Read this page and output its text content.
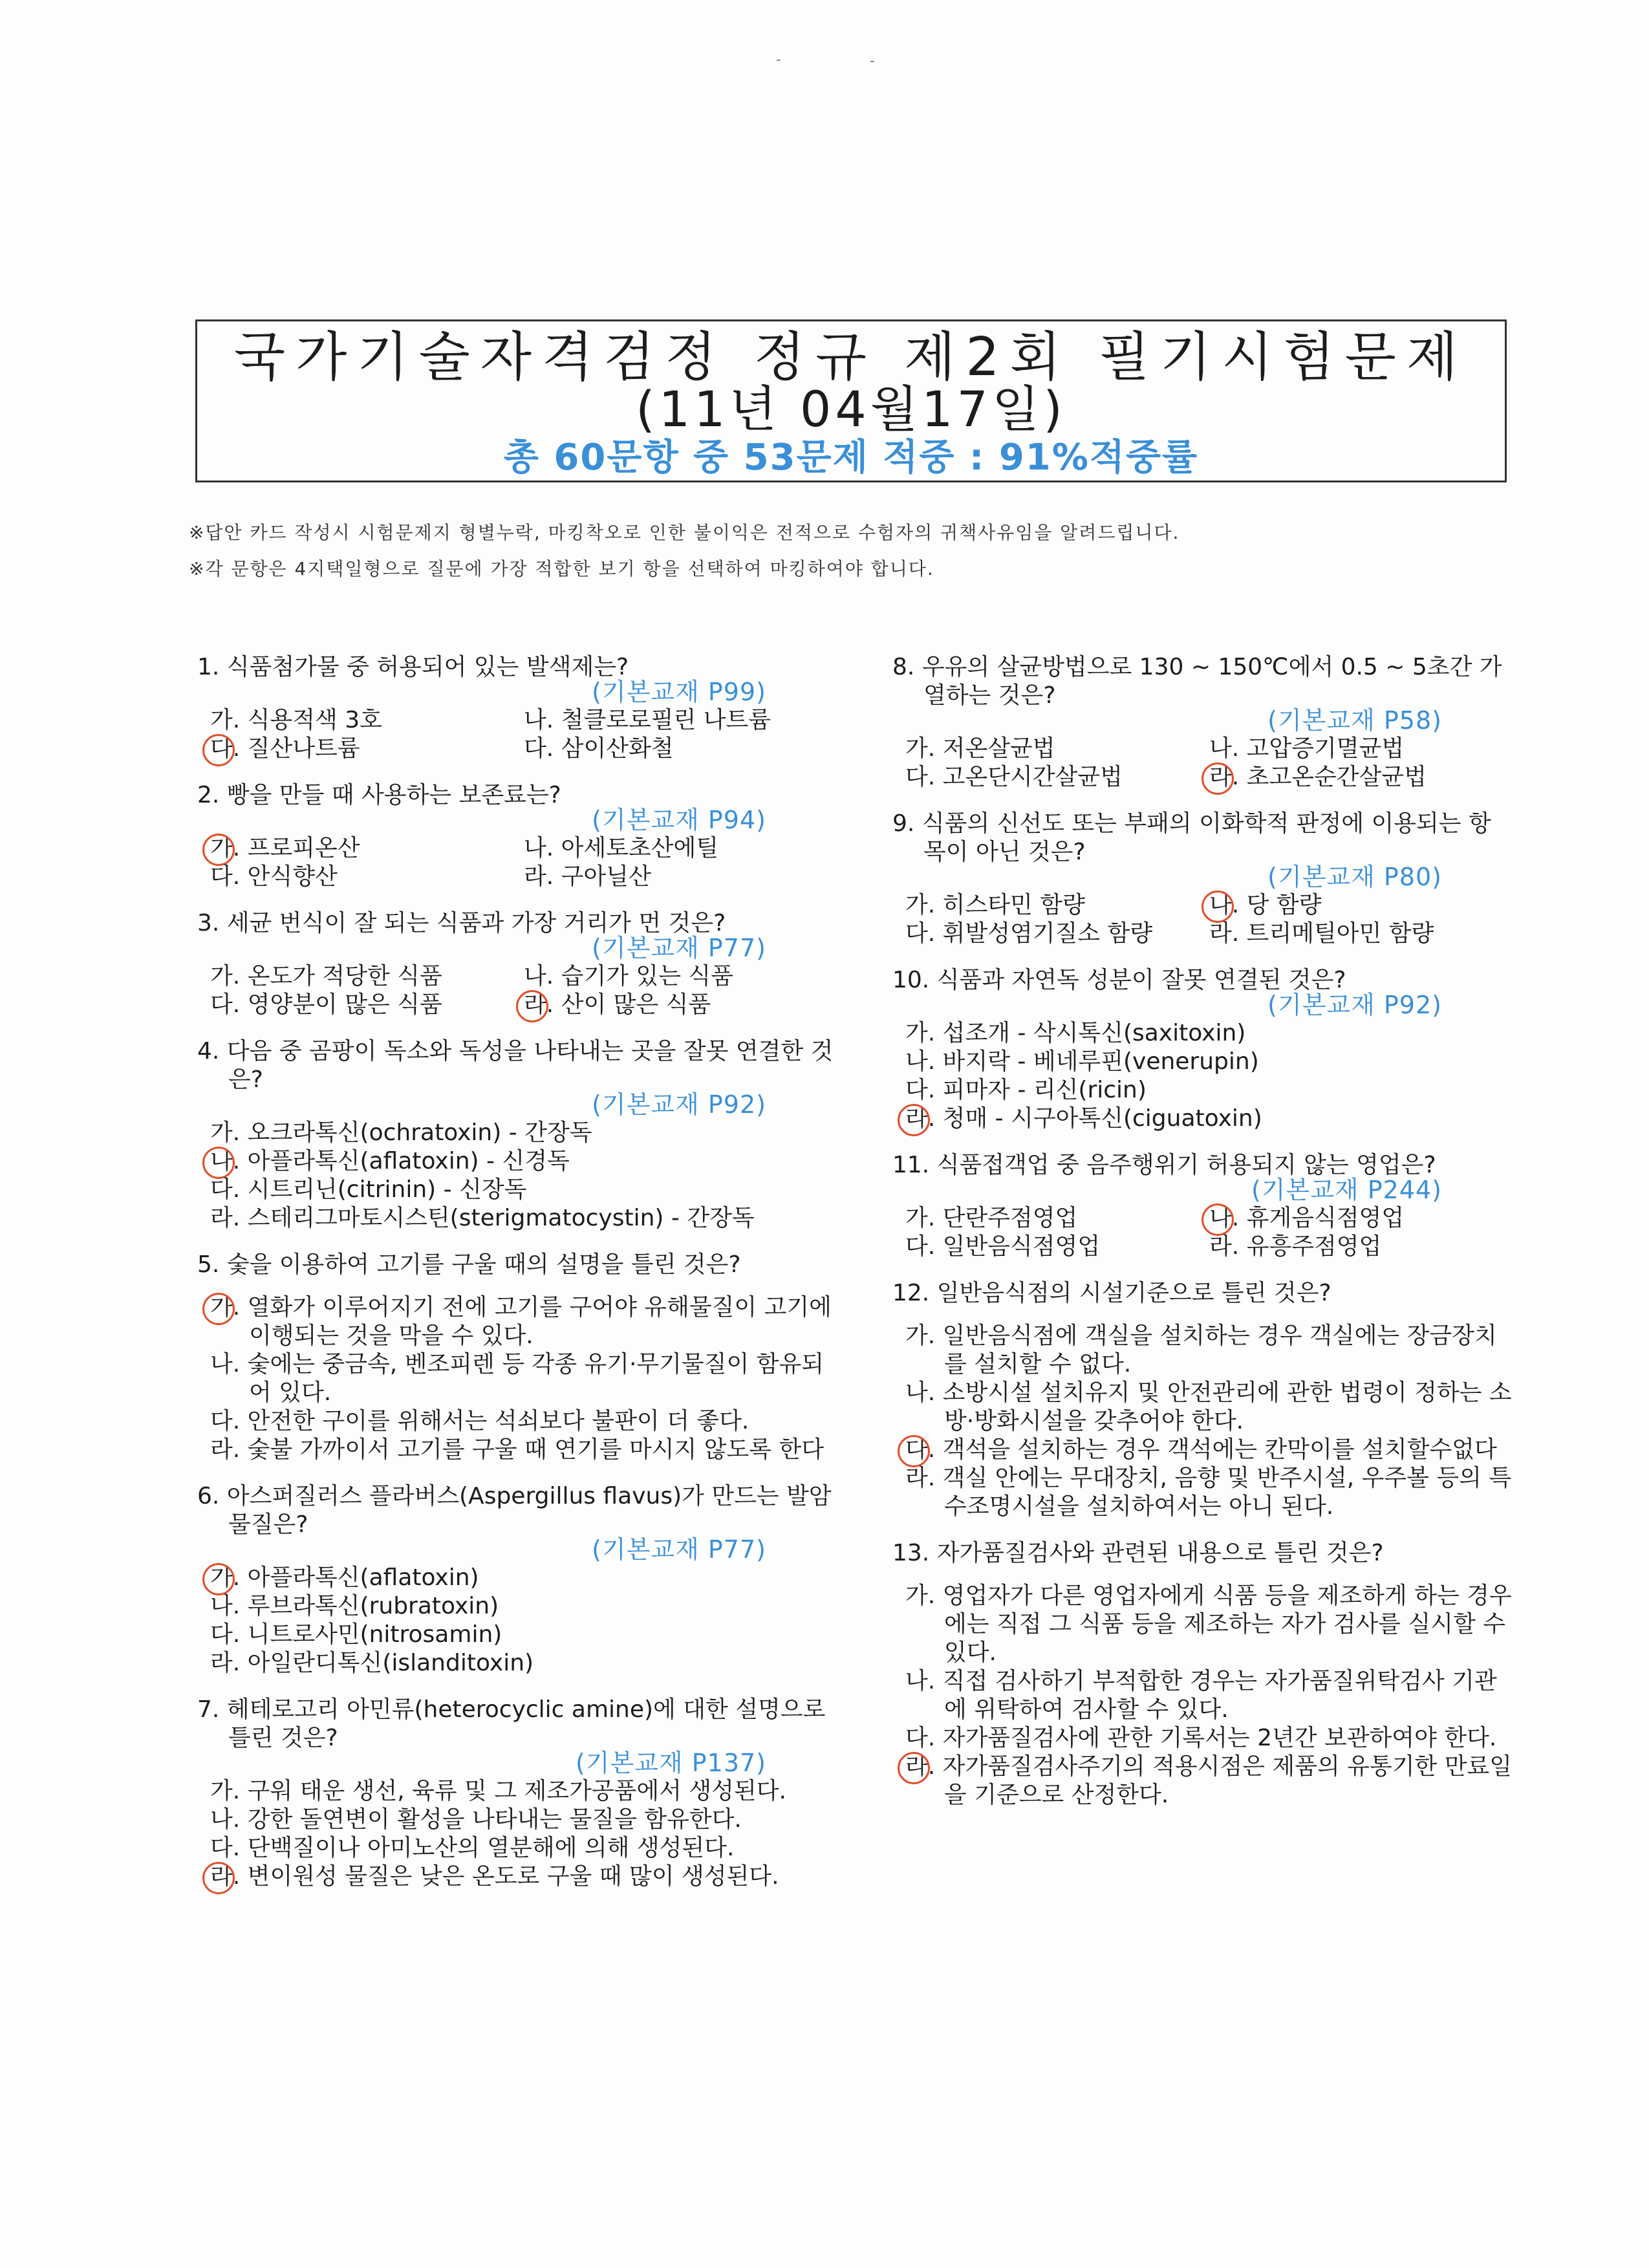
국가기술자격검정 정규 제2회 필기시험문제
(11년 04월17일)
총 60문항 중 53문제 적중 : 91%적중률
※답안 카드 작성시 시험문제지 형별누락, 마킹착오로 인한 불이익은 전적으로 수험자의 귀책사유임을 알려드립니다.
※각 문항은 4지택일형으로 질문에 가장 적합한 보기 항을 선택하여 마킹하여야 합니다.
1. 식품첨가물 중 허용되어 있는 발색제는?
(기본교재 P99)
가. 식용적색 3호	나. 철클로로필린 나트륨
다. 질산나트륨	다. 삼이산화철
2. 빵을 만들 때 사용하는 보존료는?
(기본교재 P94)
가. 프로피온산	나. 아세토초산에틸
다. 안식향산	라. 구아닐산
3. 세균 번식이 잘 되는 식품과 가장 거리가 먼 것은?
(기본교재 P77)
가. 온도가 적당한 식품	나. 습기가 있는 식품
다. 영양분이 많은 식품	라. 산이 많은 식품
4. 다음 중 곰팡이 독소와 독성을 나타내는 곳을 잘못 연결한 것은?
(기본교재 P92)
가. 오크라톡신(ochratoxin) - 간장독
나. 아플라톡신(aflatoxin) - 신경독
다. 시트리닌(citrinin) - 신장독
라. 스테리그마토시스틴(sterigmatocystin) - 간장독
5. 숯을 이용하여 고기를 구울 때의 설명을 틀린 것은?
가. 열화가 이루어지기 전에 고기를 구어야 유해물질이 고기에 이행되는 것을 막을 수 있다.
나. 숯에는 중금속, 벤조피렌 등 각종 유기·무기물질이 함유되어 있다.
다. 안전한 구이를 위해서는 석쇠보다 불판이 더 좋다.
라. 숯불 가까이서 고기를 구울 때 연기를 마시지 않도록 한다
6. 아스퍼질러스 플라버스(Aspergillus flavus)가 만드는 발암물질은?
(기본교재 P77)
가. 아플라톡신(aflatoxin)
나. 루브라톡신(rubratoxin)
다. 니트로사민(nitrosamin)
라. 아일란디톡신(islanditoxin)
7. 헤테로고리 아민류(heterocyclic amine)에 대한 설명으로 틀린 것은?
(기본교재 P137)
가. 구워 태운 생선, 육류 및 그 제조가공품에서 생성된다.
나. 강한 돌연변이 활성을 나타내는 물질을 함유한다.
다. 단백질이나 아미노산의 열분해에 의해 생성된다.
라. 변이원성 물질은 낮은 온도로 구울 때 많이 생성된다.
8. 우유의 살균방법으로 130 ~ 150℃에서 0.5 ~ 5초간 가열하는 것은?
(기본교재 P58)
가. 저온살균법	나. 고압증기멸균법
다. 고온단시간살균법	라. 초고온순간살균법
9. 식품의 신선도 또는 부패의 이화학적 판정에 이용되는 항목이 아닌 것은?
(기본교재 P80)
가. 히스타민 함량	나. 당 함량
다. 휘발성염기질소 함량	라. 트리메틸아민 함량
10. 식품과 자연독 성분이 잘못 연결된 것은?
(기본교재 P92)
가. 섭조개 - 삭시톡신(saxitoxin)
나. 바지락 - 베네루핀(venerupin)
다. 피마자 - 리신(ricin)
라. 청매 - 시구아톡신(ciguatoxin)
11. 식품접객업 중 음주행위기 허용되지 않는 영업은?
(기본교재 P244)
가. 단란주점영업	나. 휴게음식점영업
다. 일반음식점영업	라. 유흥주점영업
12. 일반음식점의 시설기준으로 틀린 것은?
가. 일반음식점에 객실을 설치하는 경우 객실에는 장금장치를 설치할 수 없다.
나. 소방시설 설치유지 및 안전관리에 관한 법령이 정하는 소방·방화시설을 갖추어야 한다.
다. 객석을 설치하는 경우 객석에는 칸막이를 설치할수없다
라. 객실 안에는 무대장치, 음향 및 반주시설, 우주볼 등의 특수조명시설을 설치하여서는 아니 된다.
13. 자가품질검사와 관련된 내용으로 틀린 것은?
가. 영업자가 다른 영업자에게 식품 등을 제조하게 하는 경우에는 직접 그 식품 등을 제조하는 자가 검사를 실시할 수 있다.
나. 직접 검사하기 부적합한 경우는 자가품질위탁검사 기관에 위탁하여 검사할 수 있다.
다. 자가품질검사에 관한 기록서는 2년간 보관하여야 한다.
라. 자가품질검사주기의 적용시점은 제품의 유통기한 만료일을 기준으로 산정한다.
-	-
